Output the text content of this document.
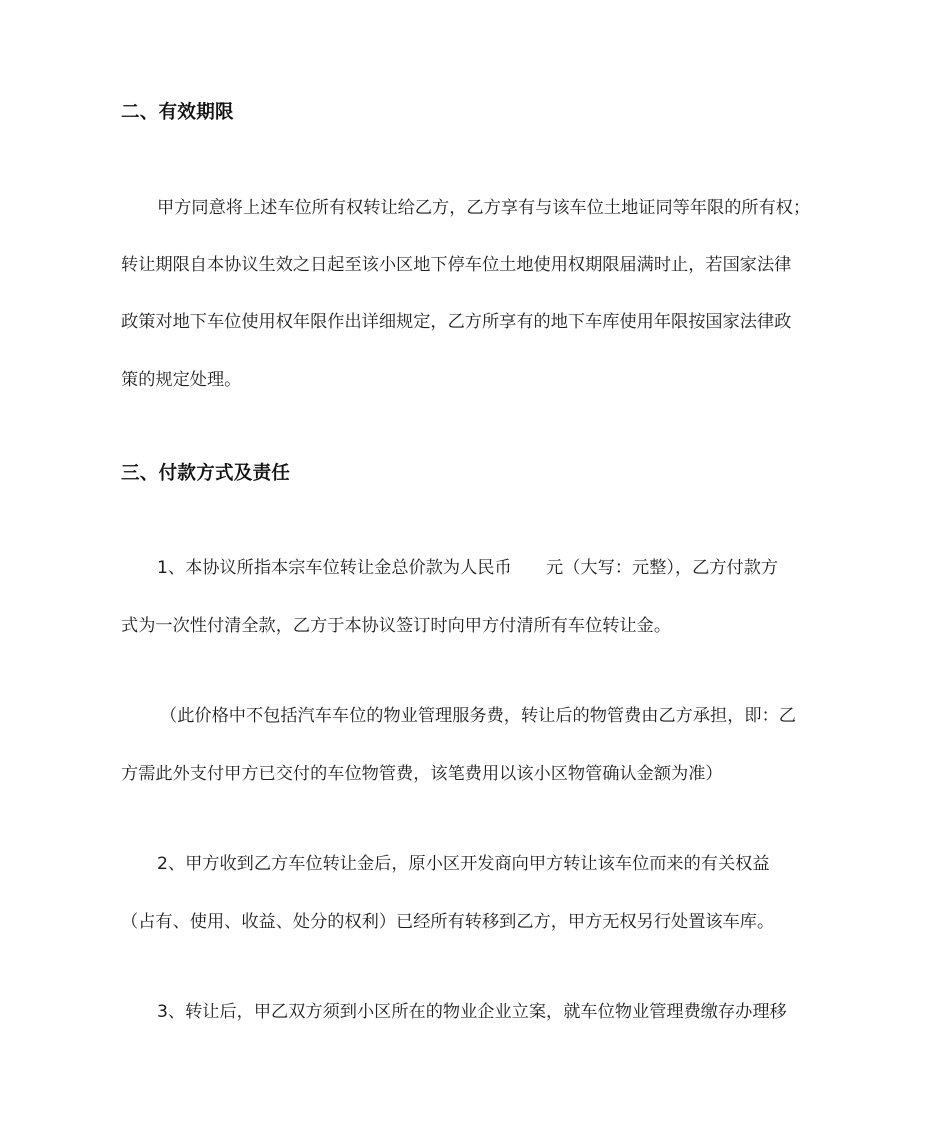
二、有效期限
甲方同意将上述车位所有权转让给乙方，乙方享有与该车位土地证同等年限的所有权；
转让期限自本协议生效之日起至该小区地下停车位土地使用权期限届满时止，若国家法律
政策对地下车位使用权年限作出详细规定，乙方所享有的地下车库使用年限按国家法律政
策的规定处理。
三、付款方式及责任
1、本协议所指本宗车位转让金总价款为人民币　　元（大写：元整），乙方付款方
式为一次性付清全款，乙方于本协议签订时向甲方付清所有车位转让金。
（此价格中不包括汽车车位的物业管理服务费，转让后的物管费由乙方承担，即：乙
方需此外支付甲方已交付的车位物管费，该笔费用以该小区物管确认金额为准）
2、甲方收到乙方车位转让金后，原小区开发商向甲方转让该车位而来的有关权益
（占有、使用、收益、处分的权利）已经所有转移到乙方，甲方无权另行处置该车库。
3、转让后，甲乙双方须到小区所在的物业企业立案，就车位物业管理费缴存办理移
